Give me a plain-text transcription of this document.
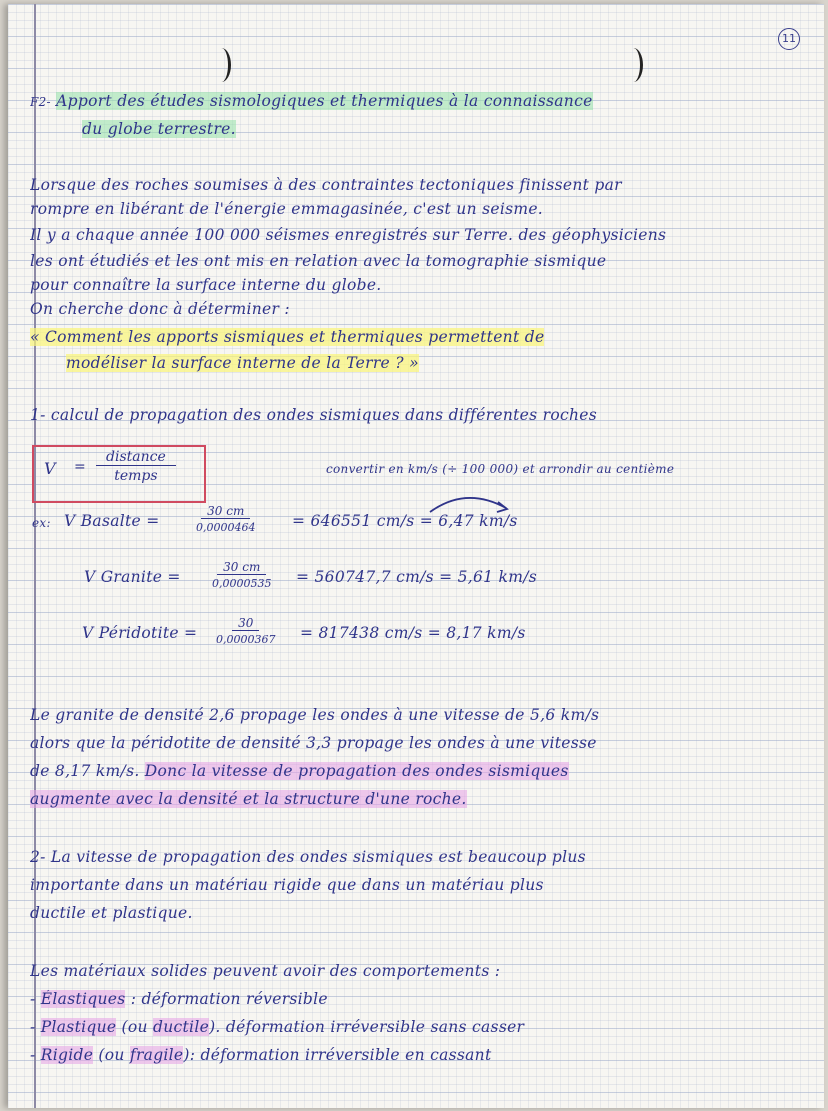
11
F2- Apport des études sismologiques et thermiques à la connaissance
du globe terrestre.
Lorsque des roches soumises à des contraintes tectoniques finissent par
rompre en libérant de l'énergie emmagasinée, c'est un seisme.
Il y a chaque année 100 000 séismes enregistrés sur Terre. des géophysiciens
les ont étudiés et les ont mis en relation avec la tomographie sismique
pour connaître la surface interne du globe.
On cherche donc à déterminer :
« Comment les apports sismiques et thermiques permettent de
modéliser la surface interne de la Terre ? »
1- calcul de propagation des ondes sismiques dans différentes roches
V =
distance
temps	convertir en km/s (÷ 100 000) et arrondir au centième
ex: V Basalte =	$\frac{30 cm}{0,0000464} = 646551$ cm/s = 6,47 km/s
V Granite =	$\frac{30 cm}{0,0000535} = 560747,7$ cm/s = 5,61 km/s
V Péridotite =	$\frac{30}{0,0000367} = 817438$ cm/s = 8,17 km/s
Le granite de densité 2,6 propage les ondes à une vitesse de 5,6 km/s
alors que la péridotite de densité 3,3 propage les ondes à une vitesse
de 8,17 km/s. Donc la vitesse de propagation des ondes sismiques
augmente avec la densité et la structure d'une roche.
2- La vitesse de propagation des ondes sismiques est beaucoup plus
importante dans un matériau rigide que dans un matériau plus
ductile et plastique.
Les matériaux solides peuvent avoir des comportements :
- Élastiques : déformation réversible
- Plastique (ou ductile). déformation irréversible sans casser
- Rigide (ou fragile): déformation irréversible en cassant
